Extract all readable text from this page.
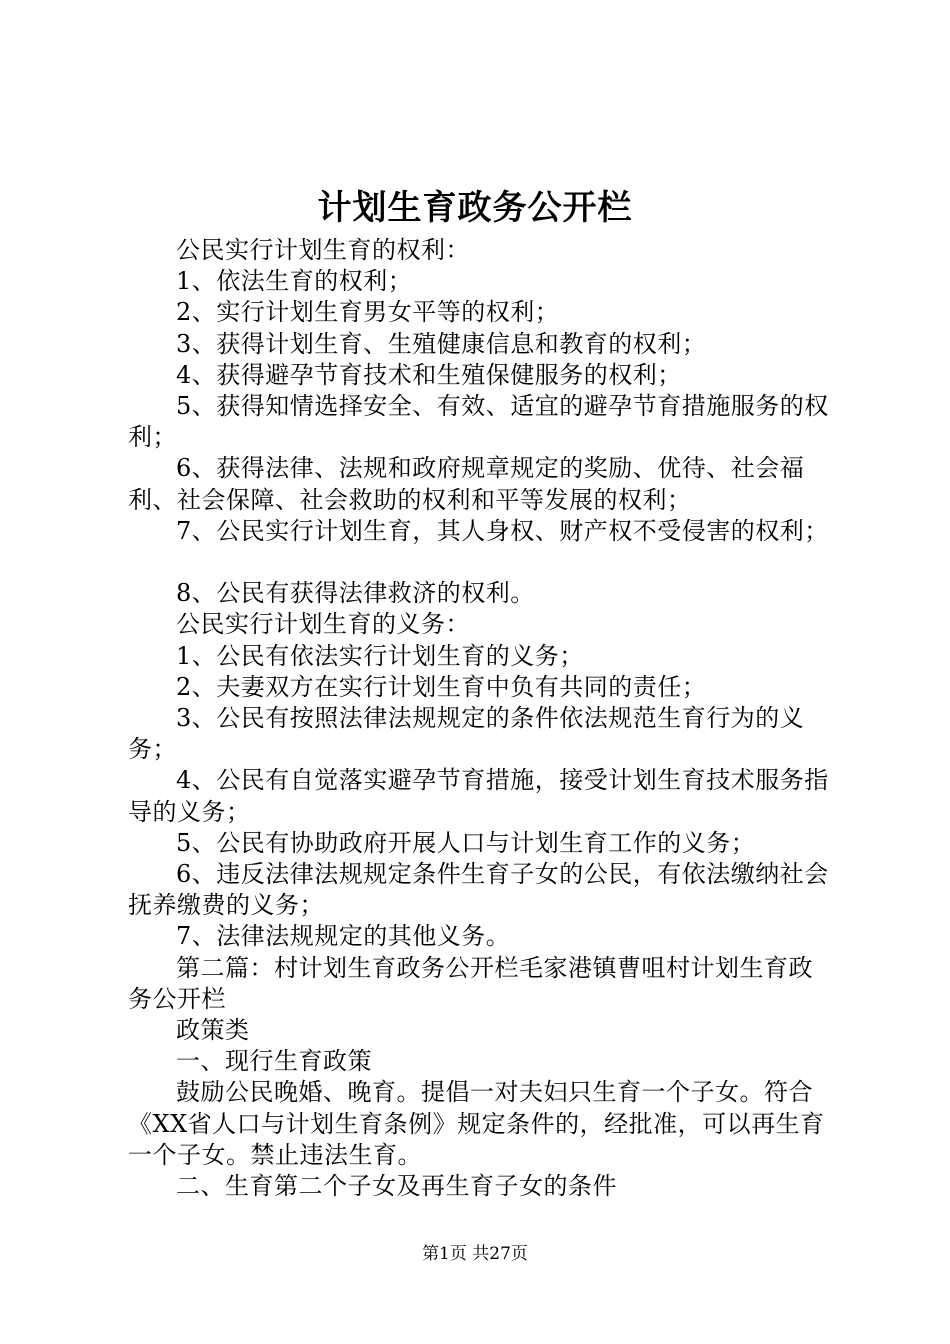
计划生育政务公开栏

公民实行计划生育的权利：

1、依法生育的权利；

2、实行计划生育男女平等的权利；

3、获得计划生育、生殖健康信息和教育的权利；

4、获得避孕节育技术和生殖保健服务的权利；

5、获得知情选择安全、有效、适宜的避孕节育措施服务的权利；

6、获得法律、法规和政府规章规定的奖励、优待、社会福利、社会保障、社会救助的权利和平等发展的权利；

7、公民实行计划生育，其人身权、财产权不受侵害的权利；

8、公民有获得法律救济的权利。

公民实行计划生育的义务：

1、公民有依法实行计划生育的义务；

2、夫妻双方在实行计划生育中负有共同的责任；

3、公民有按照法律法规规定的条件依法规范生育行为的义务；

4、公民有自觉落实避孕节育措施，接受计划生育技术服务指导的义务；

5、公民有协助政府开展人口与计划生育工作的义务；

6、违反法律法规规定条件生育子女的公民，有依法缴纳社会抚养缴费的义务；

7、法律法规规定的其他义务。

第二篇：村计划生育政务公开栏毛家港镇曹咀村计划生育政务公开栏

政策类

一、现行生育政策

鼓励公民晚婚、晚育。提倡一对夫妇只生育一个子女。符合《XX省人口与计划生育条例》规定条件的，经批准，可以再生育一个子女。禁止违法生育。

二、生育第二个子女及再生育子女的条件

第1页 共27页
